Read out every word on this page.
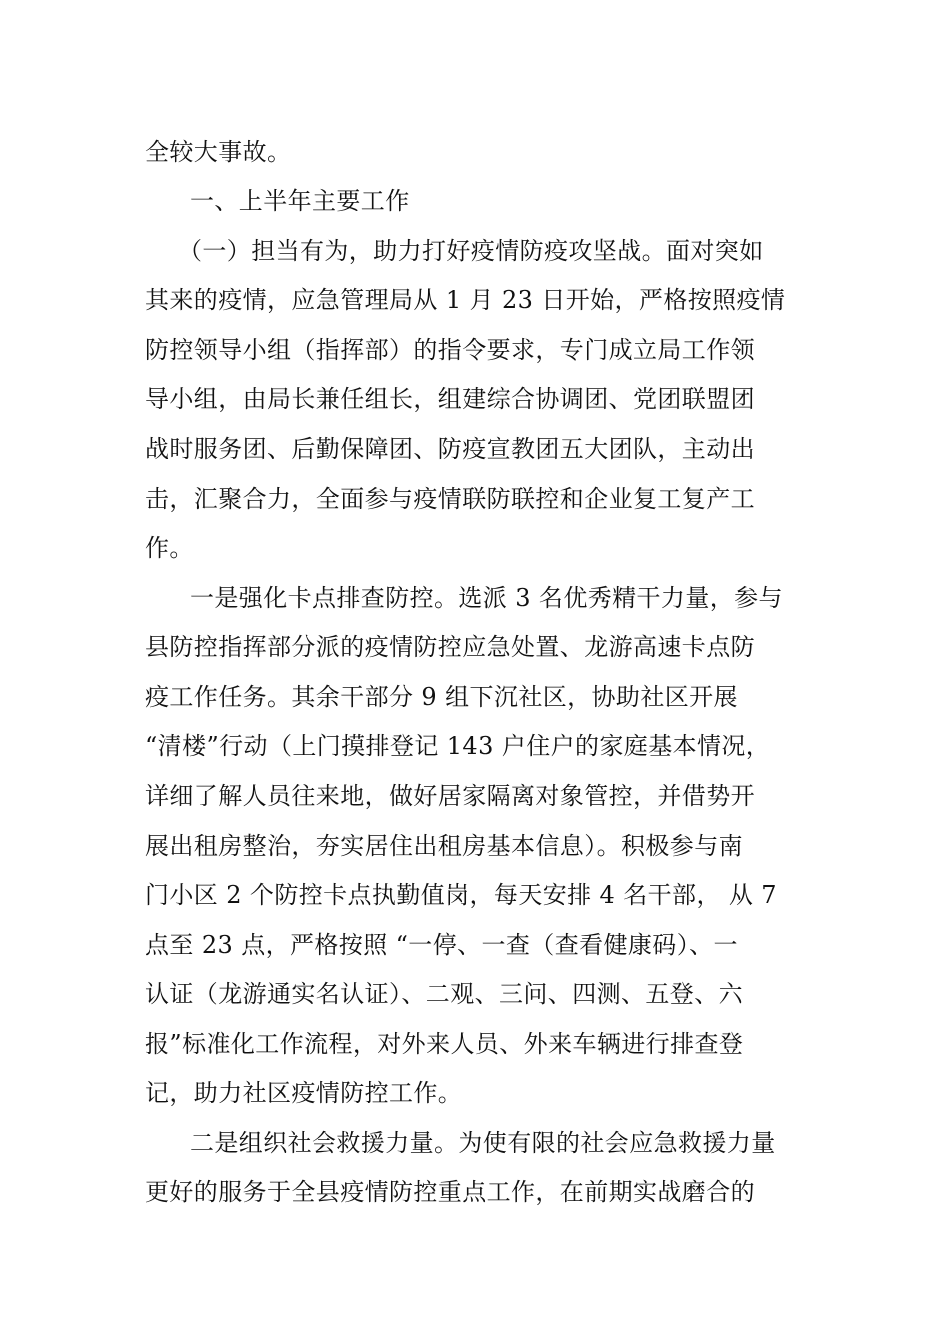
全较大事故。
一、上半年主要工作
（一）担当有为，助力打好疫情防疫攻坚战。面对突如
其来的疫情，应急管理局从 1 月 23 日开始，严格按照疫情
防控领导小组（指挥部）的指令要求，专门成立局工作领
导小组，由局长兼任组长，组建综合协调团、党团联盟团
战时服务团、后勤保障团、防疫宣教团五大团队，主动出
击，汇聚合力，全面参与疫情联防联控和企业复工复产工
作。
一是强化卡点排查防控。选派 3 名优秀精干力量，参与
县防控指挥部分派的疫情防控应急处置、龙游高速卡点防
疫工作任务。其余干部分 9 组下沉社区，协助社区开展
“清楼”行动（上门摸排登记 143 户住户的家庭基本情况，
详细了解人员往来地，做好居家隔离对象管控，并借势开
展出租房整治，夯实居住出租房基本信息）。积极参与南
门小区 2 个防控卡点执勤值岗，每天安排 4 名干部， 从 7
点至 23 点，严格按照 “一停、一查（查看健康码）、一
认证（龙游通实名认证）、二观、三问、四测、五登、六
报”标准化工作流程，对外来人员、外来车辆进行排查登
记，助力社区疫情防控工作。
二是组织社会救援力量。为使有限的社会应急救援力量
更好的服务于全县疫情防控重点工作，在前期实战磨合的
